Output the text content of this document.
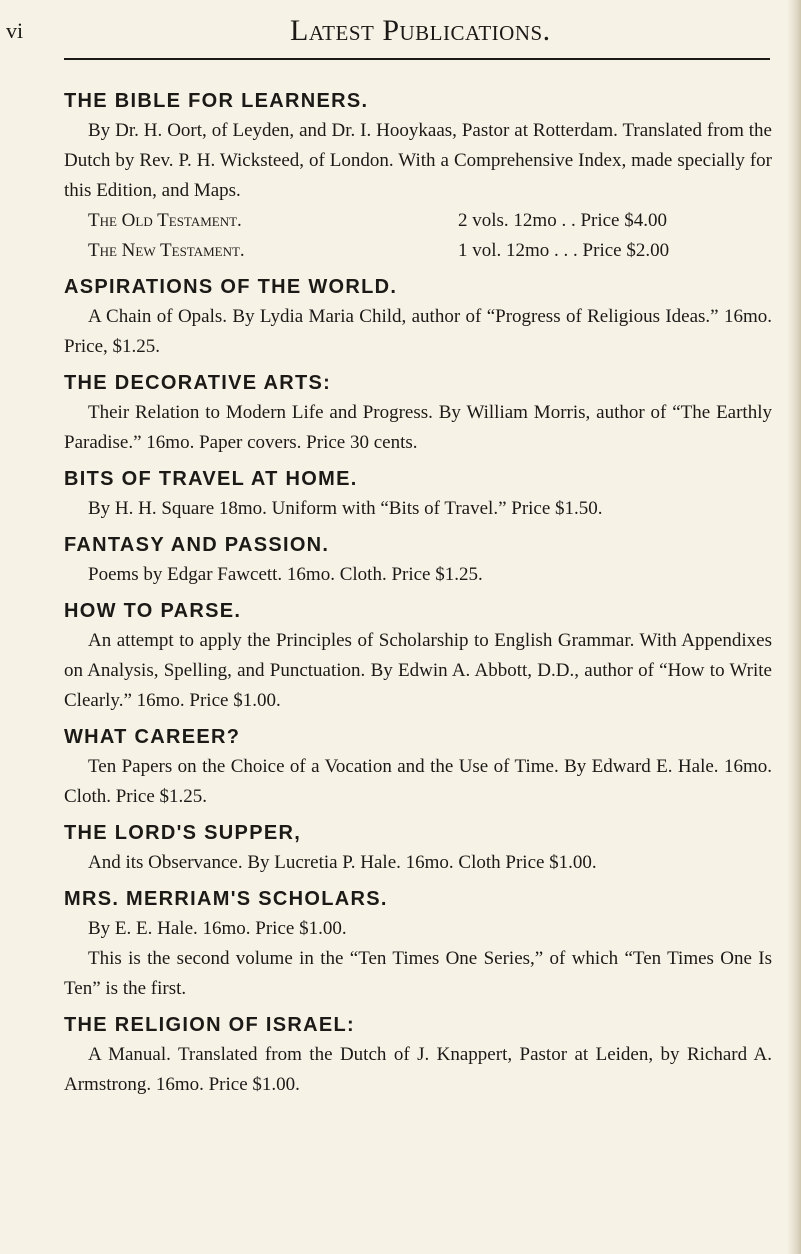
vi	Latest Publications.
THE BIBLE FOR LEARNERS.

By Dr. H. Oort, of Leyden, and Dr. I. Hooykaas, Pastor at Rotterdam. Translated from the Dutch by Rev. P. H. Wicksteed, of London. With a Comprehensive Index, made specially for this Edition, and Maps.

The Old Testament.	2 vols. 12mo . . Price $4.00
The New Testament.	1 vol. 12mo . . . Price $2.00
ASPIRATIONS OF THE WORLD.

A Chain of Opals. By Lydia Maria Child, author of “Progress of Religious Ideas.” 16mo. Price, $1.25.

THE DECORATIVE ARTS:

Their Relation to Modern Life and Progress. By William Morris, author of “The Earthly Paradise.” 16mo. Paper covers. Price 30 cents.

BITS OF TRAVEL AT HOME.

By H. H. Square 18mo. Uniform with “Bits of Travel.” Price $1.50.

FANTASY AND PASSION.

Poems by Edgar Fawcett. 16mo. Cloth. Price $1.25.

HOW TO PARSE.

An attempt to apply the Principles of Scholarship to English Grammar. With Appendixes on Analysis, Spelling, and Punctuation. By Edwin A. Abbott, D.D., author of “How to Write Clearly.” 16mo. Price $1.00.

WHAT CAREER?

Ten Papers on the Choice of a Vocation and the Use of Time. By Edward E. Hale. 16mo. Cloth. Price $1.25.

THE LORD'S SUPPER,

And its Observance. By Lucretia P. Hale. 16mo. Cloth Price $1.00.

MRS. MERRIAM'S SCHOLARS.

By E. E. Hale. 16mo. Price $1.00.

This is the second volume in the “Ten Times One Series,” of which “Ten Times One Is Ten” is the first.

THE RELIGION OF ISRAEL:

A Manual. Translated from the Dutch of J. Knappert, Pastor at Leiden, by Richard A. Armstrong. 16mo. Price $1.00.
